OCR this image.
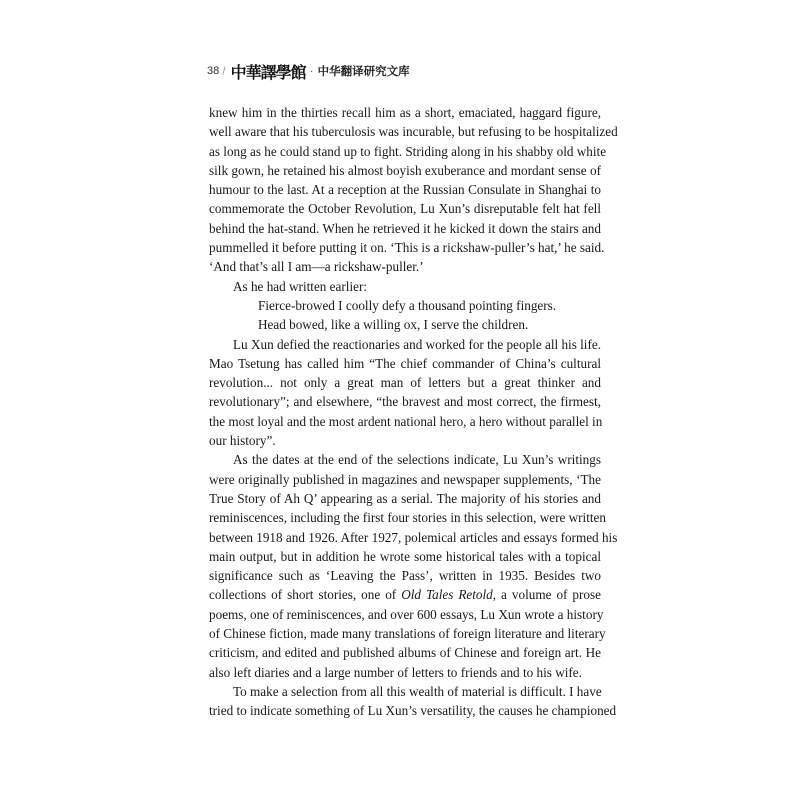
38 / 中華譯學館 · 中华翻译研究文库
knew him in the thirties recall him as a short, emaciated, haggard figure,
well aware that his tuberculosis was incurable, but refusing to be hospitalized
as long as he could stand up to fight. Striding along in his shabby old white
silk gown, he retained his almost boyish exuberance and mordant sense of
humour to the last. At a reception at the Russian Consulate in Shanghai to
commemorate the October Revolution, Lu Xun’s disreputable felt hat fell
behind the hat-stand. When he retrieved it he kicked it down the stairs and
pummelled it before putting it on. ‘This is a rickshaw-puller’s hat,’ he said.
‘And that’s all I am—a rickshaw-puller.’
As he had written earlier:
Fierce-browed I coolly defy a thousand pointing fingers.
Head bowed, like a willing ox, I serve the children.
Lu Xun defied the reactionaries and worked for the people all his life.
Mao Tsetung has called him “The chief commander of China’s cultural
revolution... not only a great man of letters but a great thinker and
revolutionary”; and elsewhere, “the bravest and most correct, the firmest,
the most loyal and the most ardent national hero, a hero without parallel in
our history”.
As the dates at the end of the selections indicate, Lu Xun’s writings
were originally published in magazines and newspaper supplements, ‘The
True Story of Ah Q’ appearing as a serial. The majority of his stories and
reminiscences, including the first four stories in this selection, were written
between 1918 and 1926. After 1927, polemical articles and essays formed his
main output, but in addition he wrote some historical tales with a topical
significance such as ‘Leaving the Pass’, written in 1935. Besides two
collections of short stories, one of Old Tales Retold, a volume of prose
poems, one of reminiscences, and over 600 essays, Lu Xun wrote a history
of Chinese fiction, made many translations of foreign literature and literary
criticism, and edited and published albums of Chinese and foreign art. He
also left diaries and a large number of letters to friends and to his wife.
To make a selection from all this wealth of material is difficult. I have
tried to indicate something of Lu Xun’s versatility, the causes he championed
